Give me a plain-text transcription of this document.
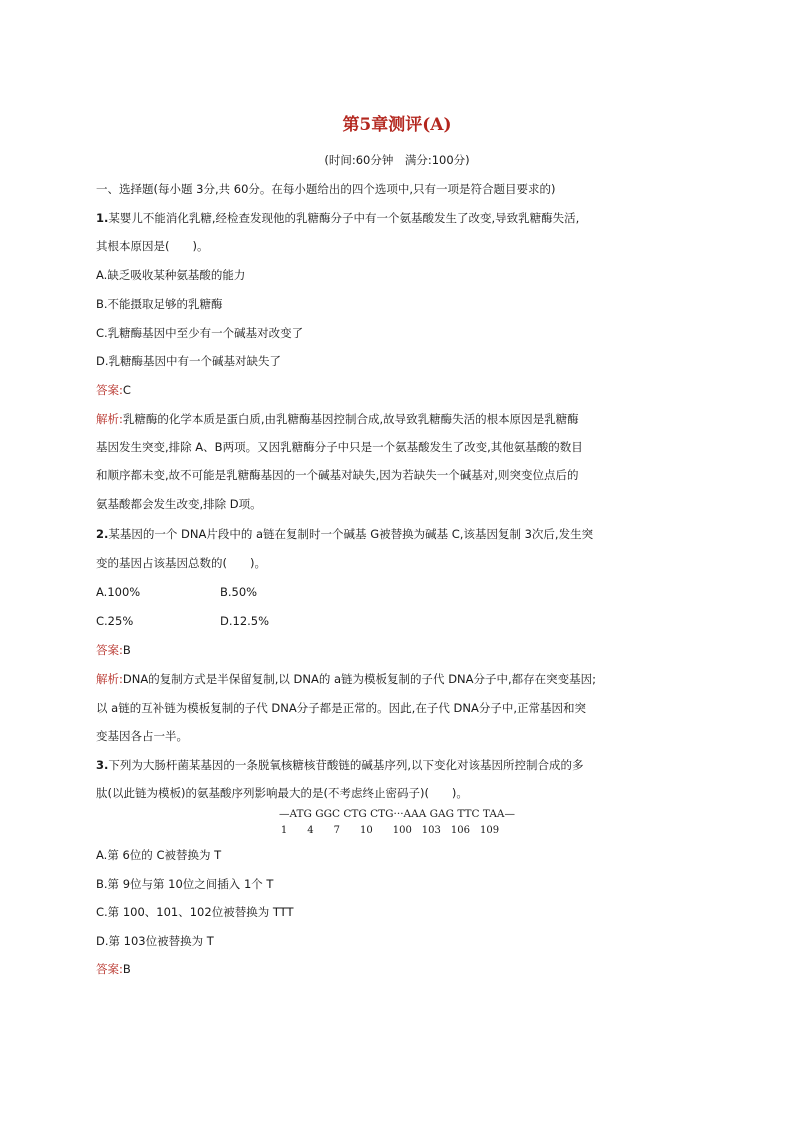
第5章测评(A)
(时间:60分钟　满分:100分)
一、选择题(每小题 3分,共 60分。在每小题给出的四个选项中,只有一项是符合题目要求的)
1.某婴儿不能消化乳糖,经检查发现他的乳糖酶分子中有一个氨基酸发生了改变,导致乳糖酶失活,
其根本原因是(　　)。
A.缺乏吸收某种氨基酸的能力
B.不能摄取足够的乳糖酶
C.乳糖酶基因中至少有一个碱基对改变了
D.乳糖酶基因中有一个碱基对缺失了
答案:C
解析:乳糖酶的化学本质是蛋白质,由乳糖酶基因控制合成,故导致乳糖酶失活的根本原因是乳糖酶
基因发生突变,排除 A、B两项。又因乳糖酶分子中只是一个氨基酸发生了改变,其他氨基酸的数目
和顺序都未变,故不可能是乳糖酶基因的一个碱基对缺失,因为若缺失一个碱基对,则突变位点后的
氨基酸都会发生改变,排除 D项。
2.某基因的一个 DNA片段中的 a链在复制时一个碱基 G被替换为碱基 C,该基因复制 3次后,发生突
变的基因占该基因总数的(　　)。
A.100%	B.50%
C.25%	D.12.5%
答案:B
解析:DNA的复制方式是半保留复制,以 DNA的 a链为模板复制的子代 DNA分子中,都存在突变基因;
以 a链的互补链为模板复制的子代 DNA分子都是正常的。因此,在子代 DNA分子中,正常基因和突
变基因各占一半。
3.下列为大肠杆菌某基因的一条脱氧核糖核苷酸链的碱基序列,以下变化对该基因所控制合成的多
肽(以此链为模板)的氨基酸序列影响最大的是(不考虑终止密码子)(　　)。
—ATG GGC CTG CTG···AAA GAG TTC TAA—
1　　4　　7　　10　　100　103　106　109
A.第 6位的 C被替换为 T
B.第 9位与第 10位之间插入 1个 T
C.第 100、101、102位被替换为 TTT
D.第 103位被替换为 T
答案:B
